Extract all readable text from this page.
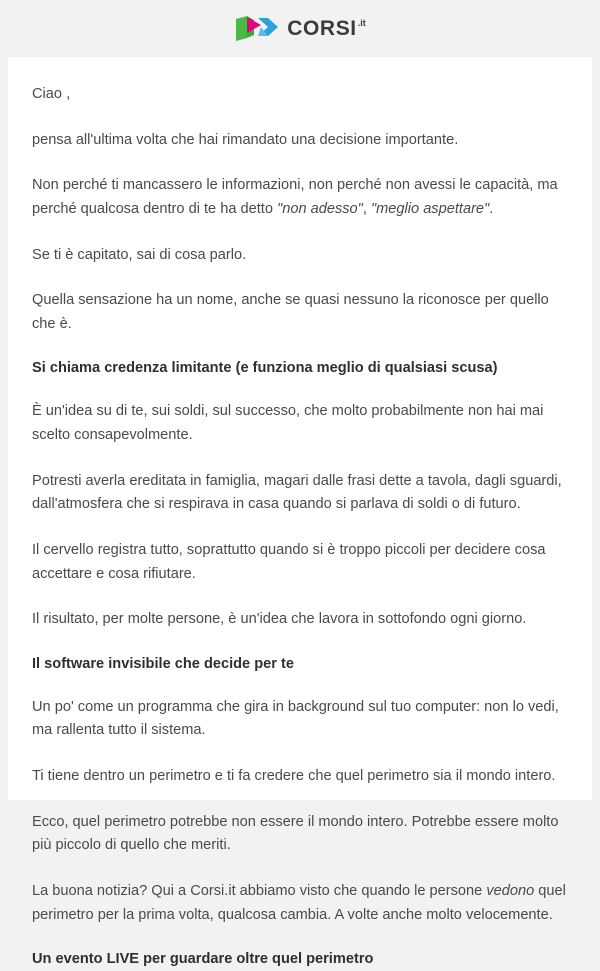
CORSI .it

Ciao ,

pensa all'ultima volta che hai rimandato una decisione importante.

Non perché ti mancassero le informazioni, non perché non avessi le capacità, ma perché qualcosa dentro di te ha detto "non adesso", "meglio aspettare".

Se ti è capitato, sai di cosa parlo.

Quella sensazione ha un nome, anche se quasi nessuno la riconosce per quello che è.

Si chiama credenza limitante (e funziona meglio di qualsiasi scusa)

È un'idea su di te, sui soldi, sul successo, che molto probabilmente non hai mai scelto consapevolmente.

Potresti averla ereditata in famiglia, magari dalle frasi dette a tavola, dagli sguardi, dall'atmosfera che si respirava in casa quando si parlava di soldi o di futuro.

Il cervello registra tutto, soprattutto quando si è troppo piccoli per decidere cosa accettare e cosa rifiutare.

Il risultato, per molte persone, è un'idea che lavora in sottofondo ogni giorno.

Il software invisibile che decide per te

Un po' come un programma che gira in background sul tuo computer: non lo vedi, ma rallenta tutto il sistema.

Ti tiene dentro un perimetro e ti fa credere che quel perimetro sia il mondo intero.

Ecco, quel perimetro potrebbe non essere il mondo intero. Potrebbe essere molto più piccolo di quello che meriti.

La buona notizia? Qui a Corsi.it abbiamo visto che quando le persone vedono quel perimetro per la prima volta, qualcosa cambia. A volte anche molto velocemente.

Un evento LIVE per guardare oltre quel perimetro
